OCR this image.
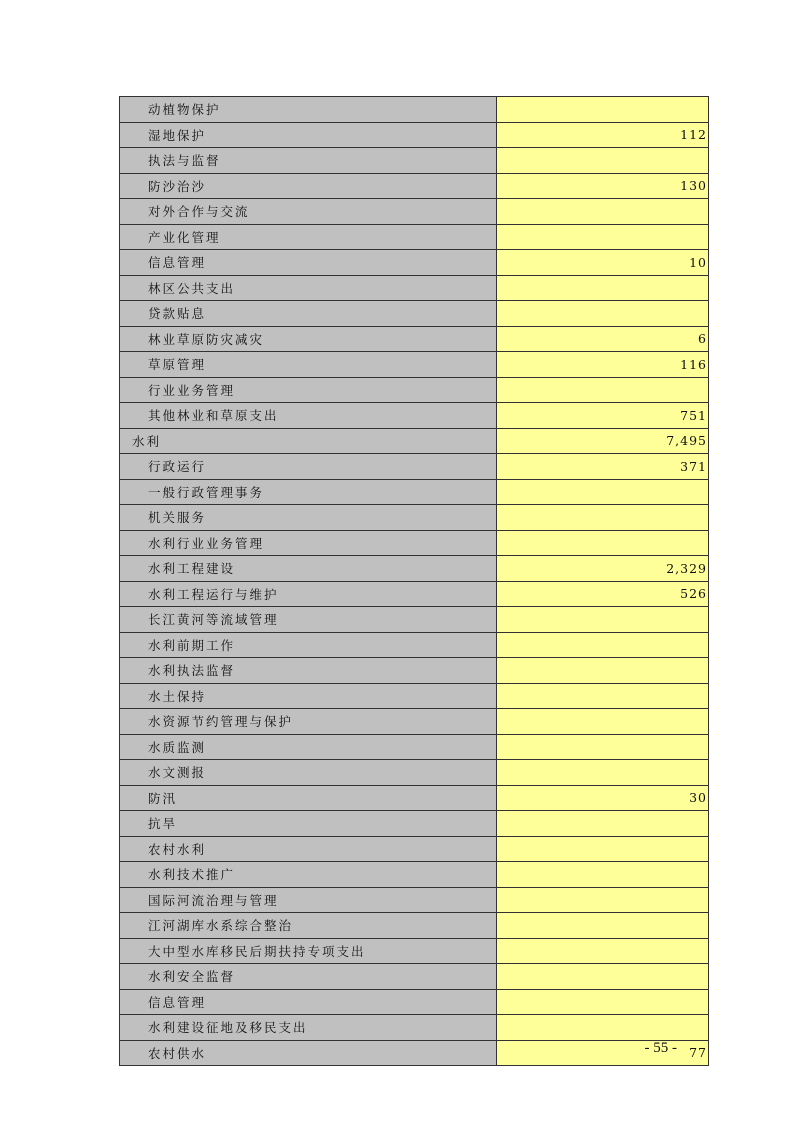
动植物保护	
湿地保护	112
执法与监督	
防沙治沙	130
对外合作与交流	
产业化管理	
信息管理	10
林区公共支出	
贷款贴息	
林业草原防灾减灾	6
草原管理	116
行业业务管理	
其他林业和草原支出	751
水利	7,495
行政运行	371
一般行政管理事务	
机关服务	
水利行业业务管理	
水利工程建设	2,329
水利工程运行与维护	526
长江黄河等流域管理	
水利前期工作	
水利执法监督	
水土保持	
水资源节约管理与保护	
水质监测	
水文测报	
防汛	30
抗旱	
农村水利	
水利技术推广	
国际河流治理与管理	
江河湖库水系综合整治	
大中型水库移民后期扶持专项支出	
水利安全监督	
信息管理	
水利建设征地及移民支出	
农村供水	77
- 55 -
